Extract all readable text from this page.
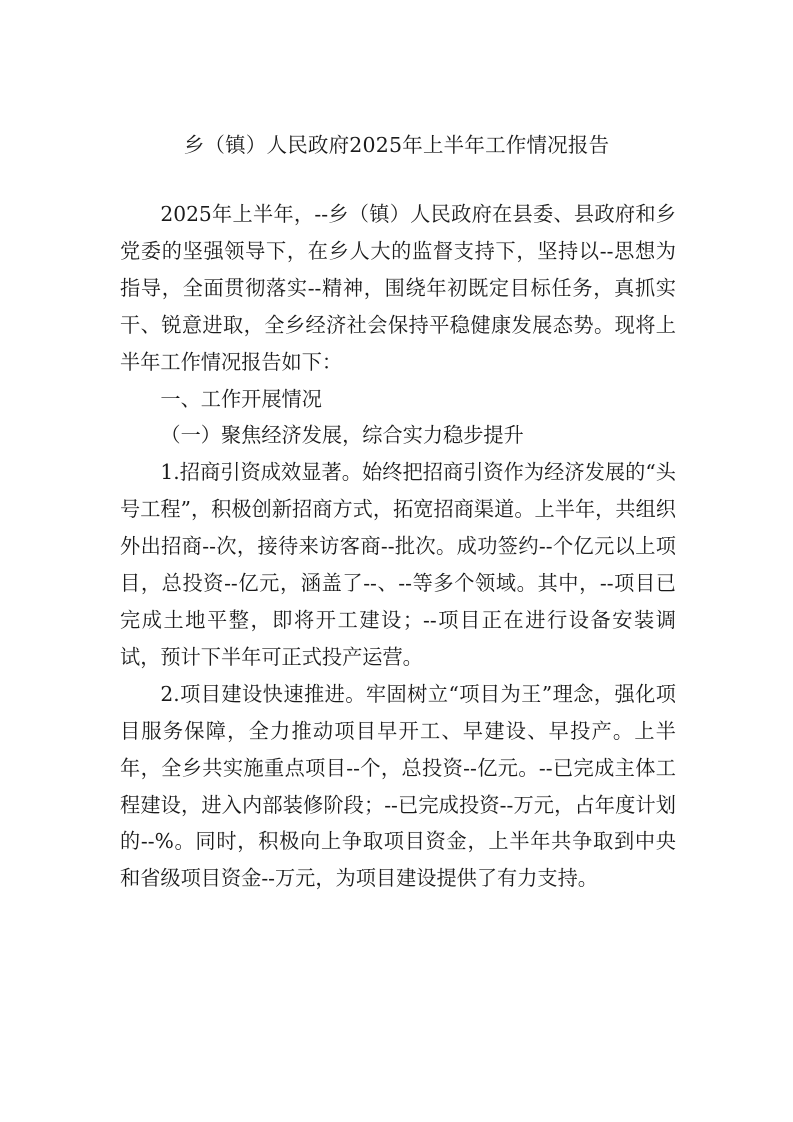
乡（镇）人民政府2025年上半年工作情况报告

2025年上半年，--乡（镇）人民政府在县委、县政府和乡党委的坚强领导下，在乡人大的监督支持下，坚持以--思想为指导，全面贯彻落实--精神，围绕年初既定目标任务，真抓实干、锐意进取，全乡经济社会保持平稳健康发展态势。现将上半年工作情况报告如下：

一、工作开展情况

（一）聚焦经济发展，综合实力稳步提升

1.招商引资成效显著。始终把招商引资作为经济发展的“头号工程”，积极创新招商方式，拓宽招商渠道。上半年，共组织外出招商--次，接待来访客商--批次。成功签约--个亿元以上项目，总投资--亿元，涵盖了--、--等多个领域。其中，--项目已完成土地平整，即将开工建设；--项目正在进行设备安装调试，预计下半年可正式投产运营。

2.项目建设快速推进。牢固树立“项目为王”理念，强化项目服务保障，全力推动项目早开工、早建设、早投产。上半年，全乡共实施重点项目--个，总投资--亿元。--已完成主体工程建设，进入内部装修阶段；--已完成投资--万元，占年度计划的--%。同时，积极向上争取项目资金，上半年共争取到中央和省级项目资金--万元，为项目建设提供了有力支持。
